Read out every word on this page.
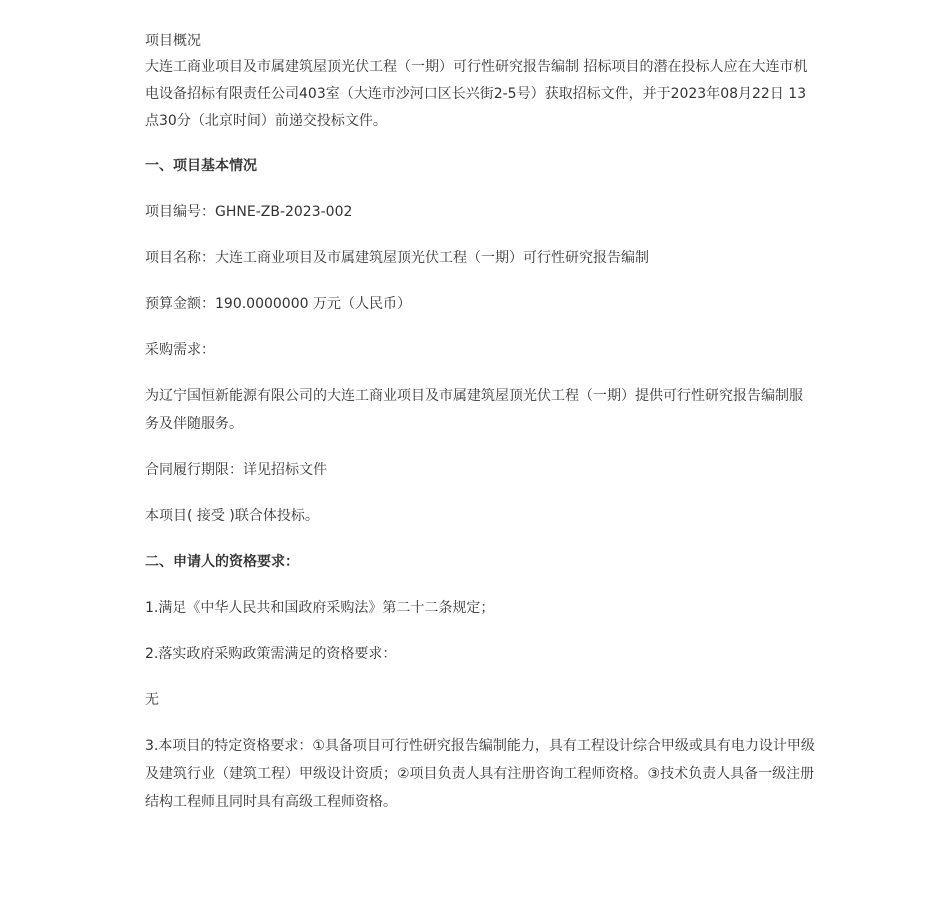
项目概况

大连工商业项目及市属建筑屋顶光伏工程（一期）可行性研究报告编制 招标项目的潜在投标人应在大连市机电设备招标有限责任公司403室（大连市沙河口区长兴街2-5号）获取招标文件，并于2023年08月22日 13点30分（北京时间）前递交投标文件。

一、项目基本情况

项目编号：GHNE-ZB-2023-002

项目名称：大连工商业项目及市属建筑屋顶光伏工程（一期）可行性研究报告编制

预算金额：190.0000000 万元（人民币）

采购需求：

为辽宁国恒新能源有限公司的大连工商业项目及市属建筑屋顶光伏工程（一期）提供可行性研究报告编制服务及伴随服务。

合同履行期限：详见招标文件

本项目( 接受 )联合体投标。

二、申请人的资格要求：

1.满足《中华人民共和国政府采购法》第二十二条规定；

2.落实政府采购政策需满足的资格要求：

无

3.本项目的特定资格要求：①具备项目可行性研究报告编制能力，具有工程设计综合甲级或具有电力设计甲级及建筑行业（建筑工程）甲级设计资质；②项目负责人具有注册咨询工程师资格。③技术负责人具备一级注册结构工程师且同时具有高级工程师资格。
